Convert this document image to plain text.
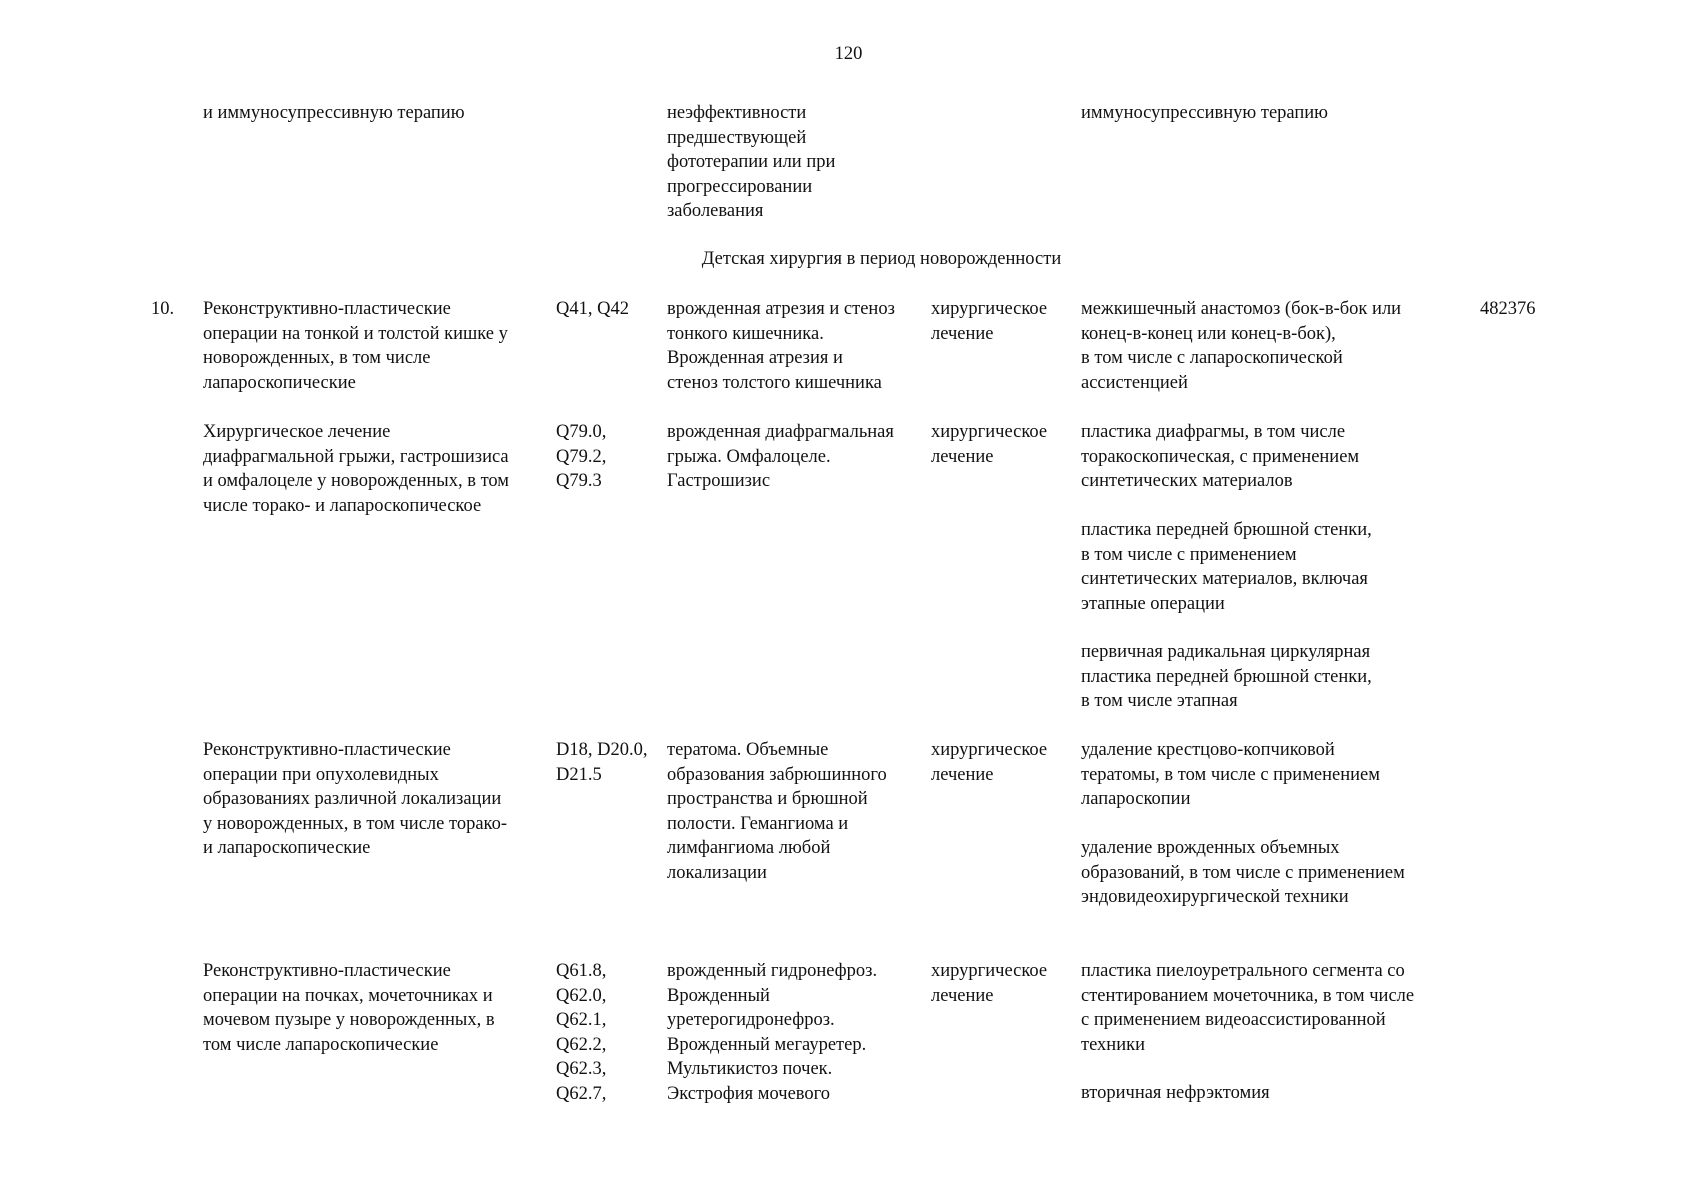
120
и иммуносупрессивную терапию	неэффективности
предшествующей
фототерапии или при
прогрессировании
заболевания
иммуносупрессивную терапию
Детская хирургия в период новорожденности
10. Реконструктивно-пластические
операции на тонкой и толстой кишке у
новорожденных, в том числе
лапароскопические
Q41, Q42	врожденная атрезия и стеноз
тонкого кишечника.
Врожденная атрезия и
стеноз толстого кишечника
хирургическое
лечение
межкишечный анастомоз (бок-в-бок или
конец-в-конец или конец-в-бок),
в том числе с лапароскопической
ассистенцией
482376
Хирургическое лечение
диафрагмальной грыжи, гастрошизиса
и омфалоцеле у новорожденных, в том
числе торако- и лапароскопическое
Q79.0,
Q79.2,
Q79.3
врожденная диафрагмальная
грыжа. Омфалоцеле.
Гастрошизис
хирургическое
лечение
пластика диафрагмы, в том числе
торакоскопическая, с применением
синтетических материалов
пластика передней брюшной стенки,
в том числе с применением
синтетических материалов, включая
этапные операции
первичная радикальная циркулярная
пластика передней брюшной стенки,
в том числе этапная
Реконструктивно-пластические
операции при опухолевидных
образованиях различной локализации
у новорожденных, в том числе торако-
и лапароскопические
D18, D20.0,
D21.5
тератома. Объемные
образования забрюшинного
пространства и брюшной
полости. Гемангиома и
лимфангиома любой
локализации
хирургическое
лечение
удаление крестцово-копчиковой
тератомы, в том числе с применением
лапароскопии
удаление врожденных объемных
образований, в том числе с применением
эндовидеохирургической техники
Реконструктивно-пластические
операции на почках, мочеточниках и
мочевом пузыре у новорожденных, в
том числе лапароскопические
Q61.8,
Q62.0,
Q62.1,
Q62.2,
Q62.3,
Q62.7,
врожденный гидронефроз.
Врожденный
уретерогидронефроз.
Врожденный мегауретер.
Мультикистоз почек.
Экстрофия мочевого
хирургическое
лечение
пластика пиелоуретрального сегмента со
стентированием мочеточника, в том числе
с применением видеоассистированной
техники
вторичная нефрэктомия
